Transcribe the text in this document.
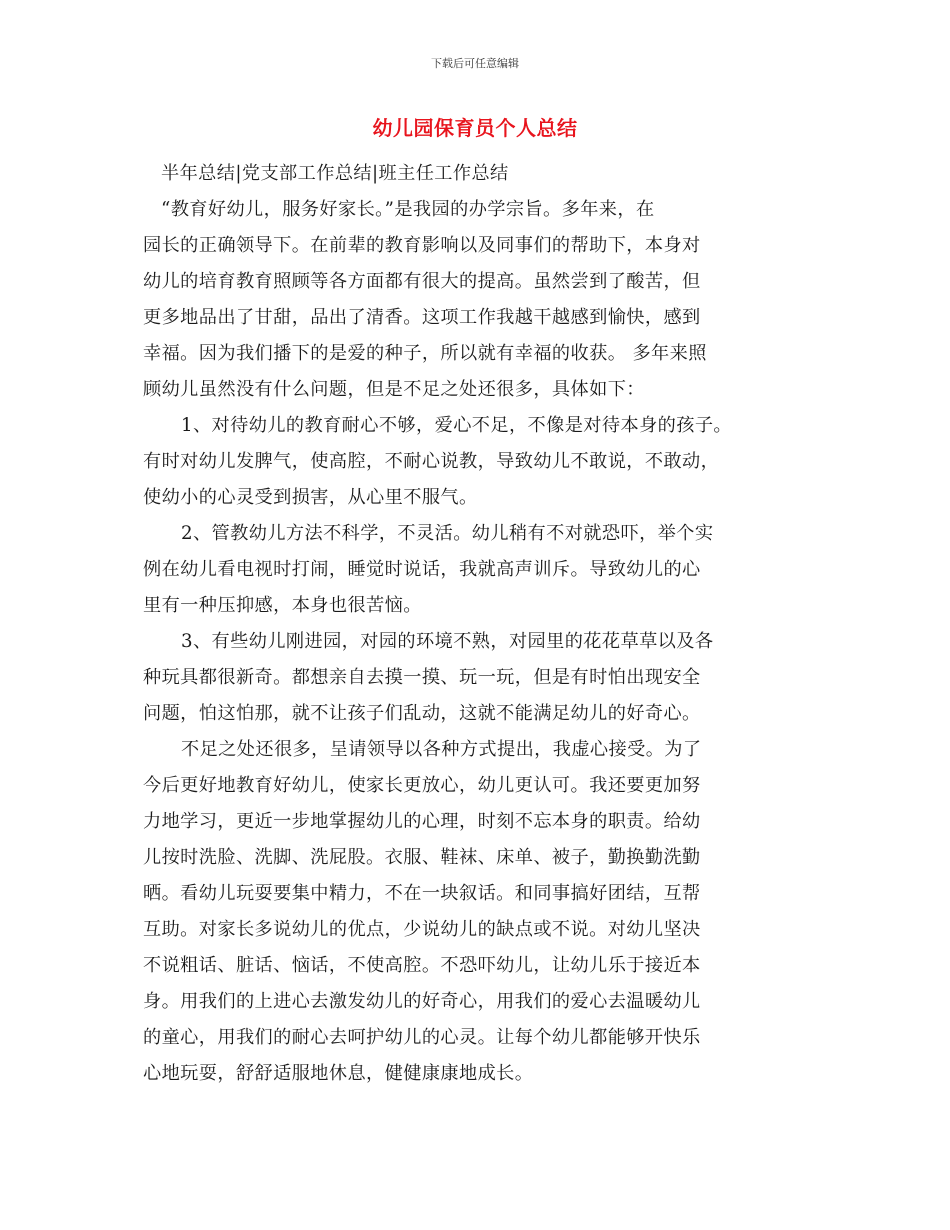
下载后可任意编辑
幼儿园保育员个人总结
半年总结|党支部工作总结|班主任工作总结
“教育好幼儿，服务好家长。”是我园的办学宗旨。多年来，在
园长的正确领导下。在前辈的教育影响以及同事们的帮助下，本身对
幼儿的培育教育照顾等各方面都有很大的提高。虽然尝到了酸苦，但
更多地品出了甘甜，品出了清香。这项工作我越干越感到愉快，感到
幸福。因为我们播下的是爱的种子，所以就有幸福的收获。 多年来照
顾幼儿虽然没有什么问题，但是不足之处还很多，具体如下：
1、对待幼儿的教育耐心不够，爱心不足，不像是对待本身的孩子。
有时对幼儿发脾气，使高腔，不耐心说教，导致幼儿不敢说，不敢动，
使幼小的心灵受到损害，从心里不服气。
2、管教幼儿方法不科学，不灵活。幼儿稍有不对就恐吓，举个实
例在幼儿看电视时打闹，睡觉时说话，我就高声训斥。导致幼儿的心
里有一种压抑感，本身也很苦恼。
3、有些幼儿刚进园，对园的环境不熟，对园里的花花草草以及各
种玩具都很新奇。都想亲自去摸一摸、玩一玩，但是有时怕出现安全
问题，怕这怕那，就不让孩子们乱动，这就不能满足幼儿的好奇心。
不足之处还很多，呈请领导以各种方式提出，我虚心接受。为了
今后更好地教育好幼儿，使家长更放心，幼儿更认可。我还要更加努
力地学习，更近一步地掌握幼儿的心理，时刻不忘本身的职责。给幼
儿按时洗脸、洗脚、洗屁股。衣服、鞋袜、床单、被子，勤换勤洗勤
晒。看幼儿玩耍要集中精力，不在一块叙话。和同事搞好团结，互帮
互助。对家长多说幼儿的优点，少说幼儿的缺点或不说。对幼儿坚决
不说粗话、脏话、恼话，不使高腔。不恐吓幼儿，让幼儿乐于接近本
身。用我们的上进心去激发幼儿的好奇心，用我们的爱心去温暖幼儿
的童心，用我们的耐心去呵护幼儿的心灵。让每个幼儿都能够开快乐
心地玩耍，舒舒适服地休息，健健康康地成长。
